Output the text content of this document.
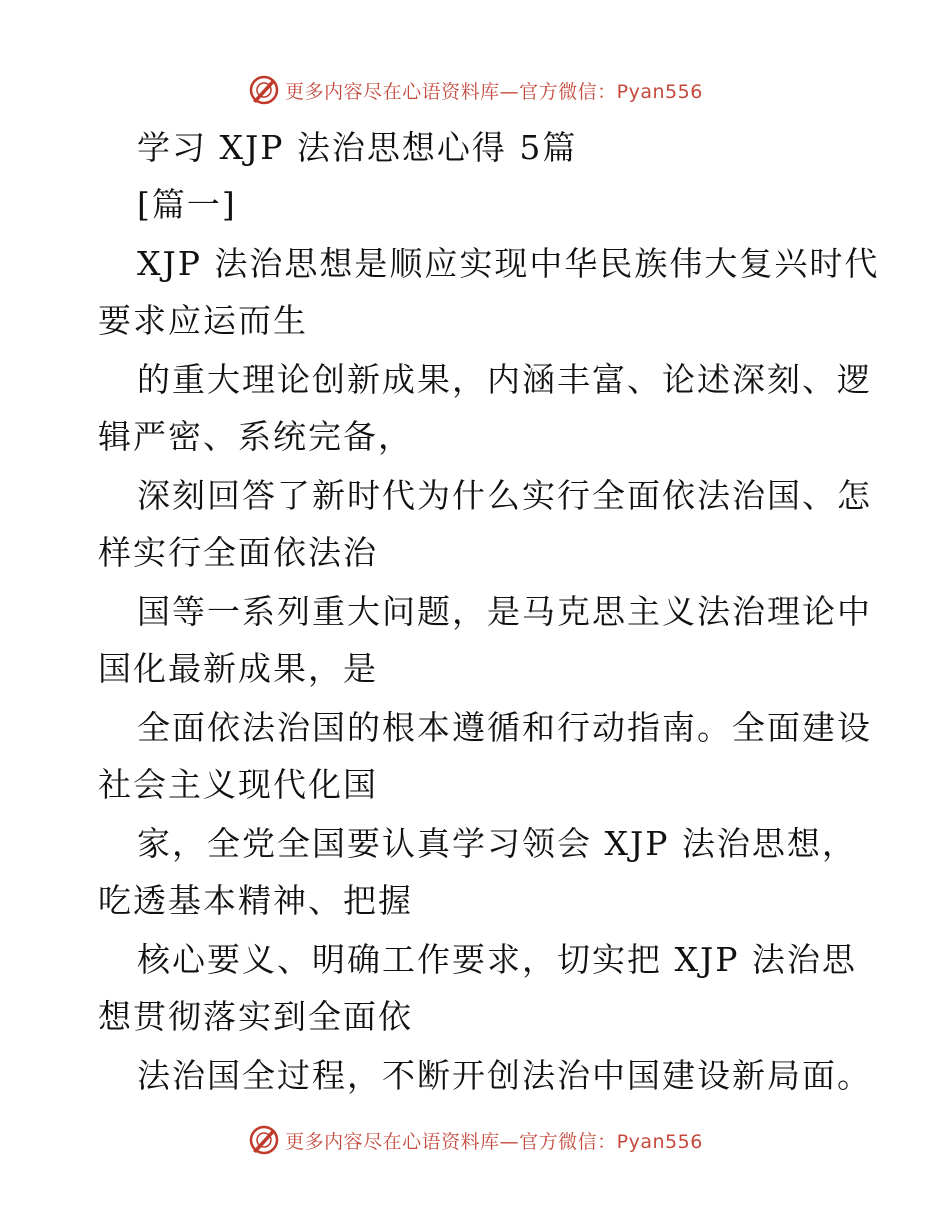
更多内容尽在心语资料库—官方微信：Pyan556
学习 XJP 法治思想心得 5篇
[篇一]
XJP 法治思想是顺应实现中华民族伟大复兴时代
要求应运而生
的重大理论创新成果，内涵丰富、论述深刻、逻
辑严密、系统完备，
深刻回答了新时代为什么实行全面依法治国、怎
样实行全面依法治
国等一系列重大问题，是马克思主义法治理论中
国化最新成果，是
全面依法治国的根本遵循和行动指南。全面建设
社会主义现代化国
家，全党全国要认真学习领会 XJP 法治思想，
吃透基本精神、把握
核心要义、明确工作要求，切实把 XJP 法治思
想贯彻落实到全面依
法治国全过程，不断开创法治中国建设新局面。
更多内容尽在心语资料库—官方微信：Pyan556
